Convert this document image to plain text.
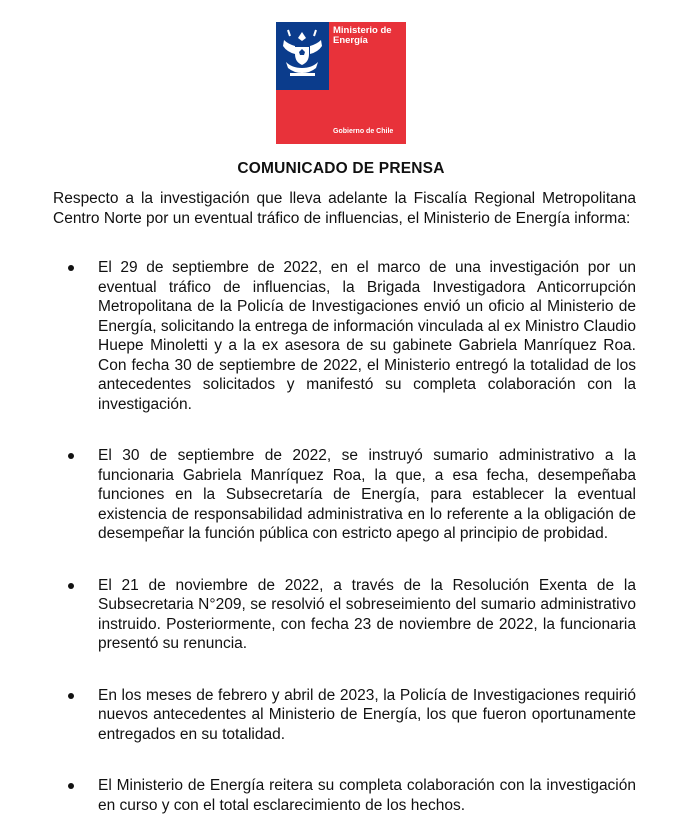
Ministerio de
Energía
Gobierno de Chile
COMUNICADO DE PRENSA
Respecto a la investigación que lleva adelante la Fiscalía Regional Metropolitana Centro Norte por un eventual tráfico de influencias, el Ministerio de Energía informa:
El 29 de septiembre de 2022, en el marco de una investigación por un eventual tráfico de influencias, la Brigada Investigadora Anticorrupción Metropolitana de la Policía de Investigaciones envió un oficio al Ministerio de Energía, solicitando la entrega de información vinculada al ex Ministro Claudio Huepe Minoletti y a la ex asesora de su gabinete Gabriela Manríquez Roa. Con fecha 30 de septiembre de 2022, el Ministerio entregó la totalidad de los antecedentes solicitados y manifestó su completa colaboración con la investigación.
El 30 de septiembre de 2022, se instruyó sumario administrativo a la funcionaria Gabriela Manríquez Roa, la que, a esa fecha, desempeñaba funciones en la Subsecretaría de Energía, para establecer la eventual existencia de responsabilidad administrativa en lo referente a la obligación de desempeñar la función pública con estricto apego al principio de probidad.
El 21 de noviembre de 2022, a través de la Resolución Exenta de la Subsecretaria N°209, se resolvió el sobreseimiento del sumario administrativo instruido. Posteriormente, con fecha 23 de noviembre de 2022, la funcionaria presentó su renuncia.
En los meses de febrero y abril de 2023, la Policía de Investigaciones requirió nuevos antecedentes al Ministerio de Energía, los que fueron oportunamente entregados en su totalidad.
El Ministerio de Energía reitera su completa colaboración con la investigación en curso y con el total esclarecimiento de los hechos.
